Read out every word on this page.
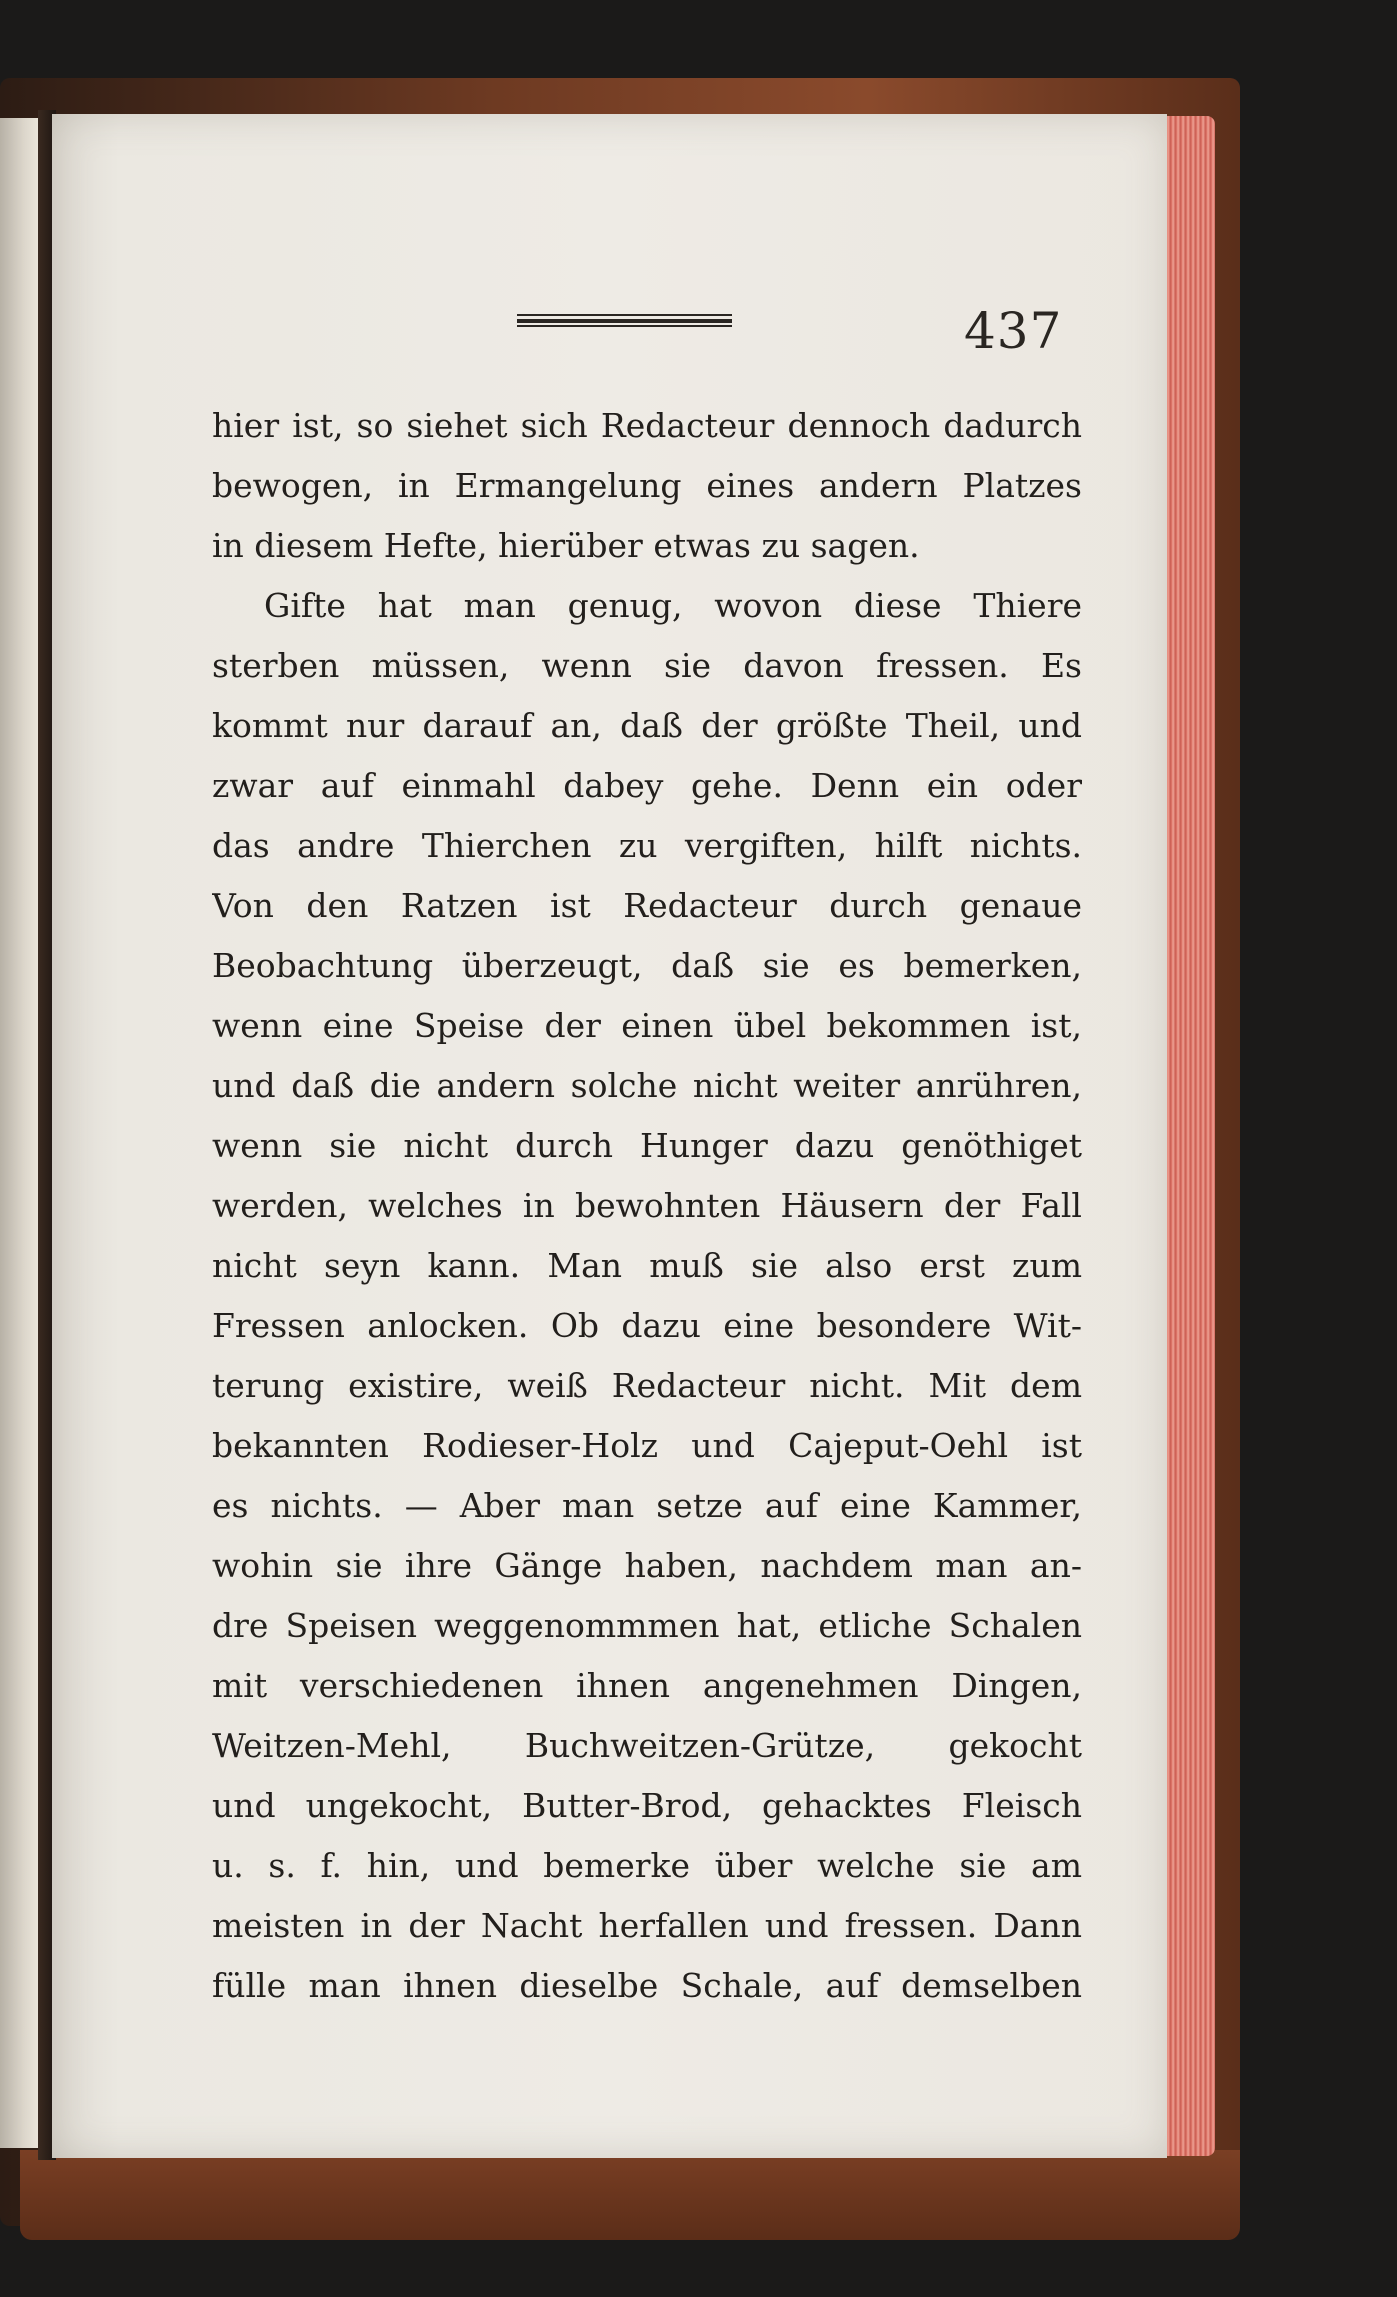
437
hier ist, so siehet sich Redacteur dennoch dadurch
bewogen, in Ermangelung eines andern Platzes
in diesem Hefte, hierüber etwas zu sagen.
Gifte hat man genug, wovon diese Thiere
sterben müssen, wenn sie davon fressen. Es
kommt nur darauf an, daß der größte Theil, und
zwar auf einmahl dabey gehe. Denn ein oder
das andre Thierchen zu vergiften, hilft nichts.
Von den Ratzen ist Redacteur durch genaue
Beobachtung überzeugt, daß sie es bemerken,
wenn eine Speise der einen übel bekommen ist,
und daß die andern solche nicht weiter anrühren,
wenn sie nicht durch Hunger dazu genöthiget
werden, welches in bewohnten Häusern der Fall
nicht seyn kann. Man muß sie also erst zum
Fressen anlocken. Ob dazu eine besondere Wit-
terung existire, weiß Redacteur nicht. Mit dem
bekannten Rodieser-Holz und Cajeput-Oehl ist
es nichts. — Aber man setze auf eine Kammer,
wohin sie ihre Gänge haben, nachdem man an-
dre Speisen weggenommmen hat, etliche Schalen
mit verschiedenen ihnen angenehmen Dingen,
Weitzen-Mehl, Buchweitzen-Grütze, gekocht
und ungekocht, Butter-Brod, gehacktes Fleisch
u. s. f. hin, und bemerke über welche sie am
meisten in der Nacht herfallen und fressen. Dann
fülle man ihnen dieselbe Schale, auf demselben
